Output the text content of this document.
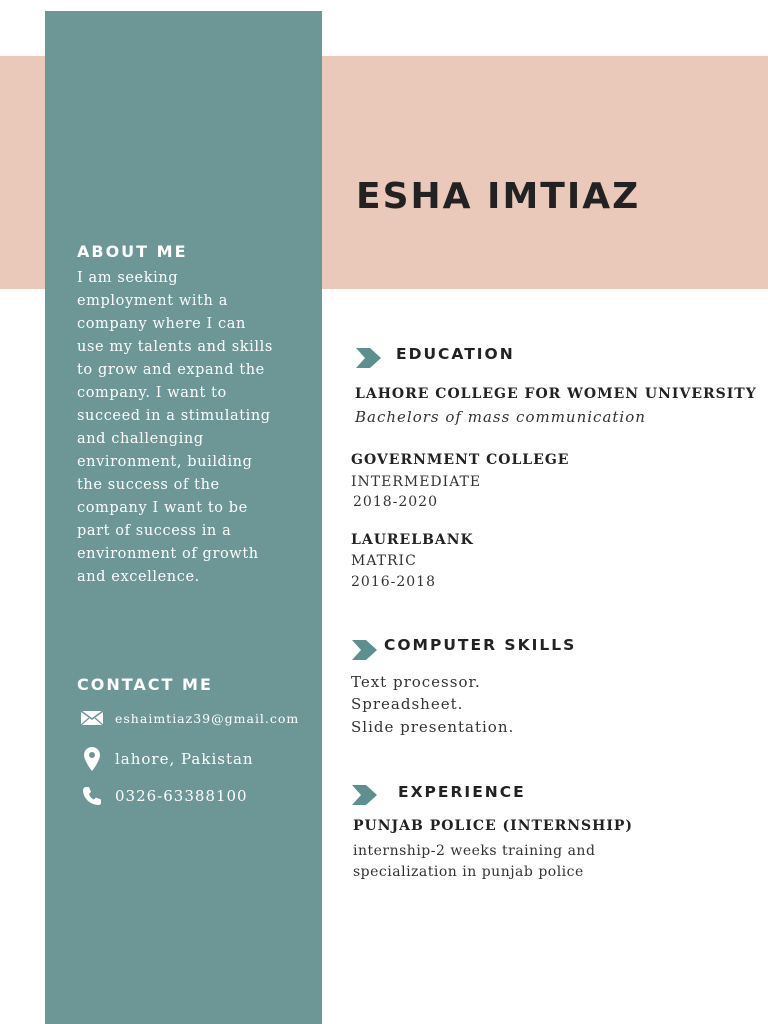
ESHA IMTIAZ
ABOUT ME
I am seeking
employment with a
company where I can
use my talents and skills
to grow and expand the
company. I want to
succeed in a stimulating
and challenging
environment, building
the success of the
company I want to be
part of success in a
environment of growth
and excellence.
CONTACT ME
eshaimtiaz39@gmail.com
lahore, Pakistan
0326-63388100
EDUCATION
LAHORE COLLEGE FOR WOMEN UNIVERSITY
Bachelors of mass communication
GOVERNMENT COLLEGE
INTERMEDIATE
2018-2020
LAURELBANK
MATRIC
2016-2018
COMPUTER SKILLS
Text processor.
Spreadsheet.
Slide presentation.
EXPERIENCE
PUNJAB POLICE (INTERNSHIP)
internship-2 weeks training and
specialization in punjab police
